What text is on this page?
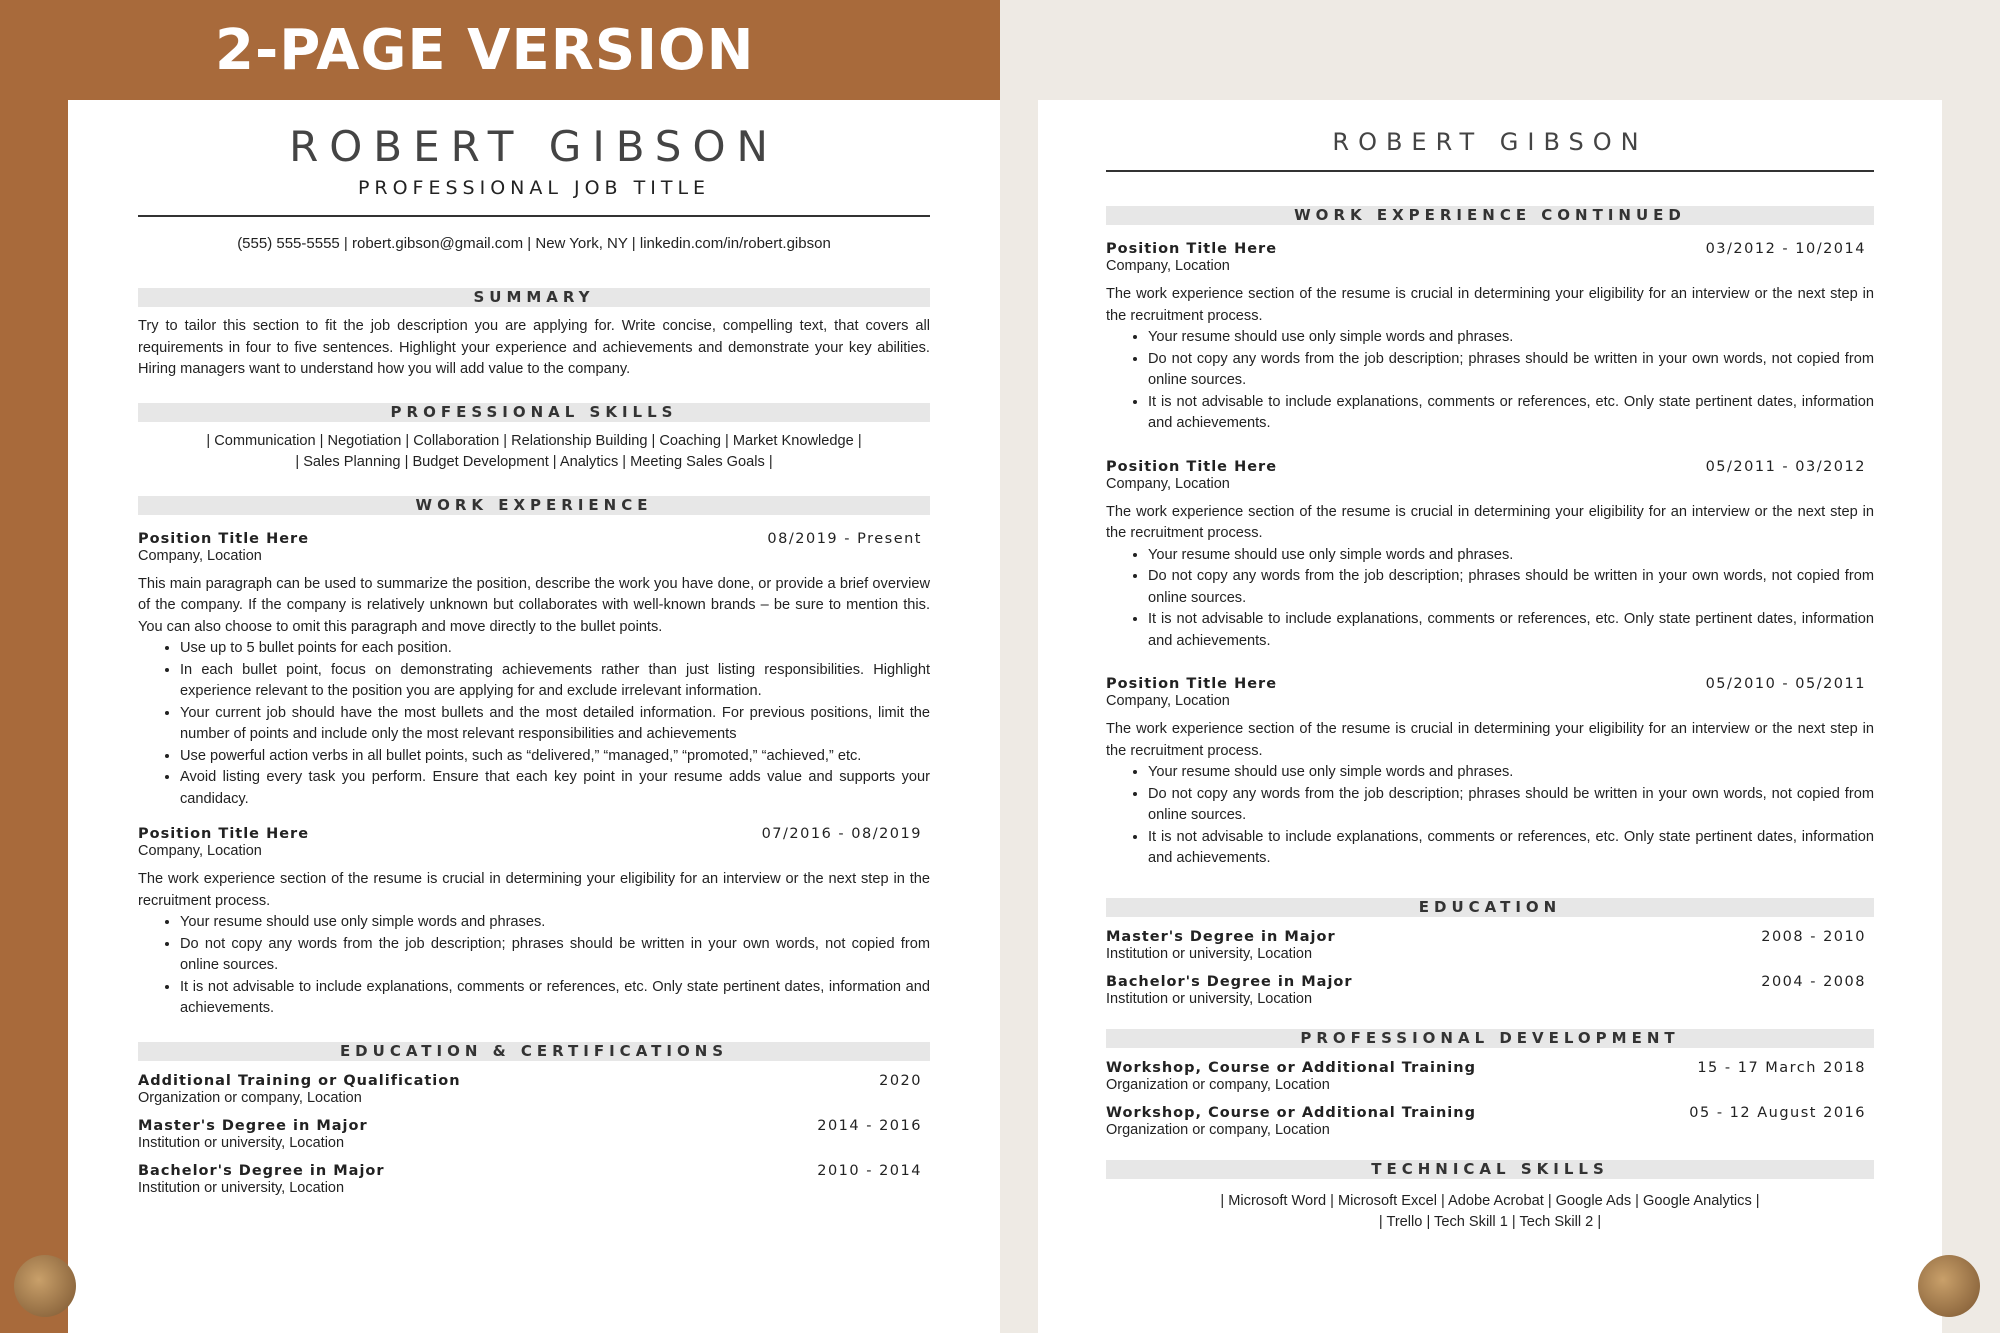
2-PAGE VERSION
ROBERT GIBSON
PROFESSIONAL JOB TITLE
(555) 555-5555 | robert.gibson@gmail.com | New York, NY | linkedin.com/in/robert.gibson
SUMMARY
Try to tailor this section to fit the job description you are applying for. Write concise, compelling text, that covers all requirements in four to five sentences. Highlight your experience and achievements and demonstrate your key abilities. Hiring managers want to understand how you will add value to the company.
PROFESSIONAL SKILLS
| Communication | Negotiation | Collaboration | Relationship Building | Coaching | Market Knowledge |
| Sales Planning | Budget Development | Analytics | Meeting Sales Goals |
WORK EXPERIENCE
Position Title Here	08/2019 - Present
Company, Location
This main paragraph can be used to summarize the position, describe the work you have done, or provide a brief overview of the company. If the company is relatively unknown but collaborates with well-known brands – be sure to mention this. You can also choose to omit this paragraph and move directly to the bullet points.
• Use up to 5 bullet points for each position.
• In each bullet point, focus on demonstrating achievements rather than just listing responsibilities. Highlight experience relevant to the position you are applying for and exclude irrelevant information.
• Your current job should have the most bullets and the most detailed information. For previous positions, limit the number of points and include only the most relevant responsibilities and achievements
• Use powerful action verbs in all bullet points, such as “delivered,” “managed,” “promoted,” “achieved,” etc.
• Avoid listing every task you perform. Ensure that each key point in your resume adds value and supports your candidacy.
Position Title Here	07/2016 - 08/2019
Company, Location
The work experience section of the resume is crucial in determining your eligibility for an interview or the next step in the recruitment process.
• Your resume should use only simple words and phrases.
• Do not copy any words from the job description; phrases should be written in your own words, not copied from online sources.
• It is not advisable to include explanations, comments or references, etc. Only state pertinent dates, information and achievements.
EDUCATION & CERTIFICATIONS
Additional Training or Qualification	2020
Organization or company, Location
Master's Degree in Major	2014 - 2016
Institution or university, Location
Bachelor's Degree in Major	2010 - 2014
Institution or university, Location
ROBERT GIBSON
WORK EXPERIENCE CONTINUED
Position Title Here	03/2012 - 10/2014
Company, Location
The work experience section of the resume is crucial in determining your eligibility for an interview or the next step in the recruitment process.
• Your resume should use only simple words and phrases.
• Do not copy any words from the job description; phrases should be written in your own words, not copied from online sources.
• It is not advisable to include explanations, comments or references, etc. Only state pertinent dates, information and achievements.
Position Title Here	05/2011 - 03/2012
Company, Location
The work experience section of the resume is crucial in determining your eligibility for an interview or the next step in the recruitment process.
• Your resume should use only simple words and phrases.
• Do not copy any words from the job description; phrases should be written in your own words, not copied from online sources.
• It is not advisable to include explanations, comments or references, etc. Only state pertinent dates, information and achievements.
Position Title Here	05/2010 - 05/2011
Company, Location
The work experience section of the resume is crucial in determining your eligibility for an interview or the next step in the recruitment process.
• Your resume should use only simple words and phrases.
• Do not copy any words from the job description; phrases should be written in your own words, not copied from online sources.
• It is not advisable to include explanations, comments or references, etc. Only state pertinent dates, information and achievements.
EDUCATION
Master's Degree in Major	2008 - 2010
Institution or university, Location
Bachelor's Degree in Major	2004 - 2008
Institution or university, Location
PROFESSIONAL DEVELOPMENT
Workshop, Course or Additional Training	15 - 17 March 2018
Organization or company, Location
Workshop, Course or Additional Training	05 - 12 August 2016
Organization or company, Location
TECHNICAL SKILLS
| Microsoft Word | Microsoft Excel | Adobe Acrobat | Google Ads | Google Analytics |
| Trello | Tech Skill 1 | Tech Skill 2 |
